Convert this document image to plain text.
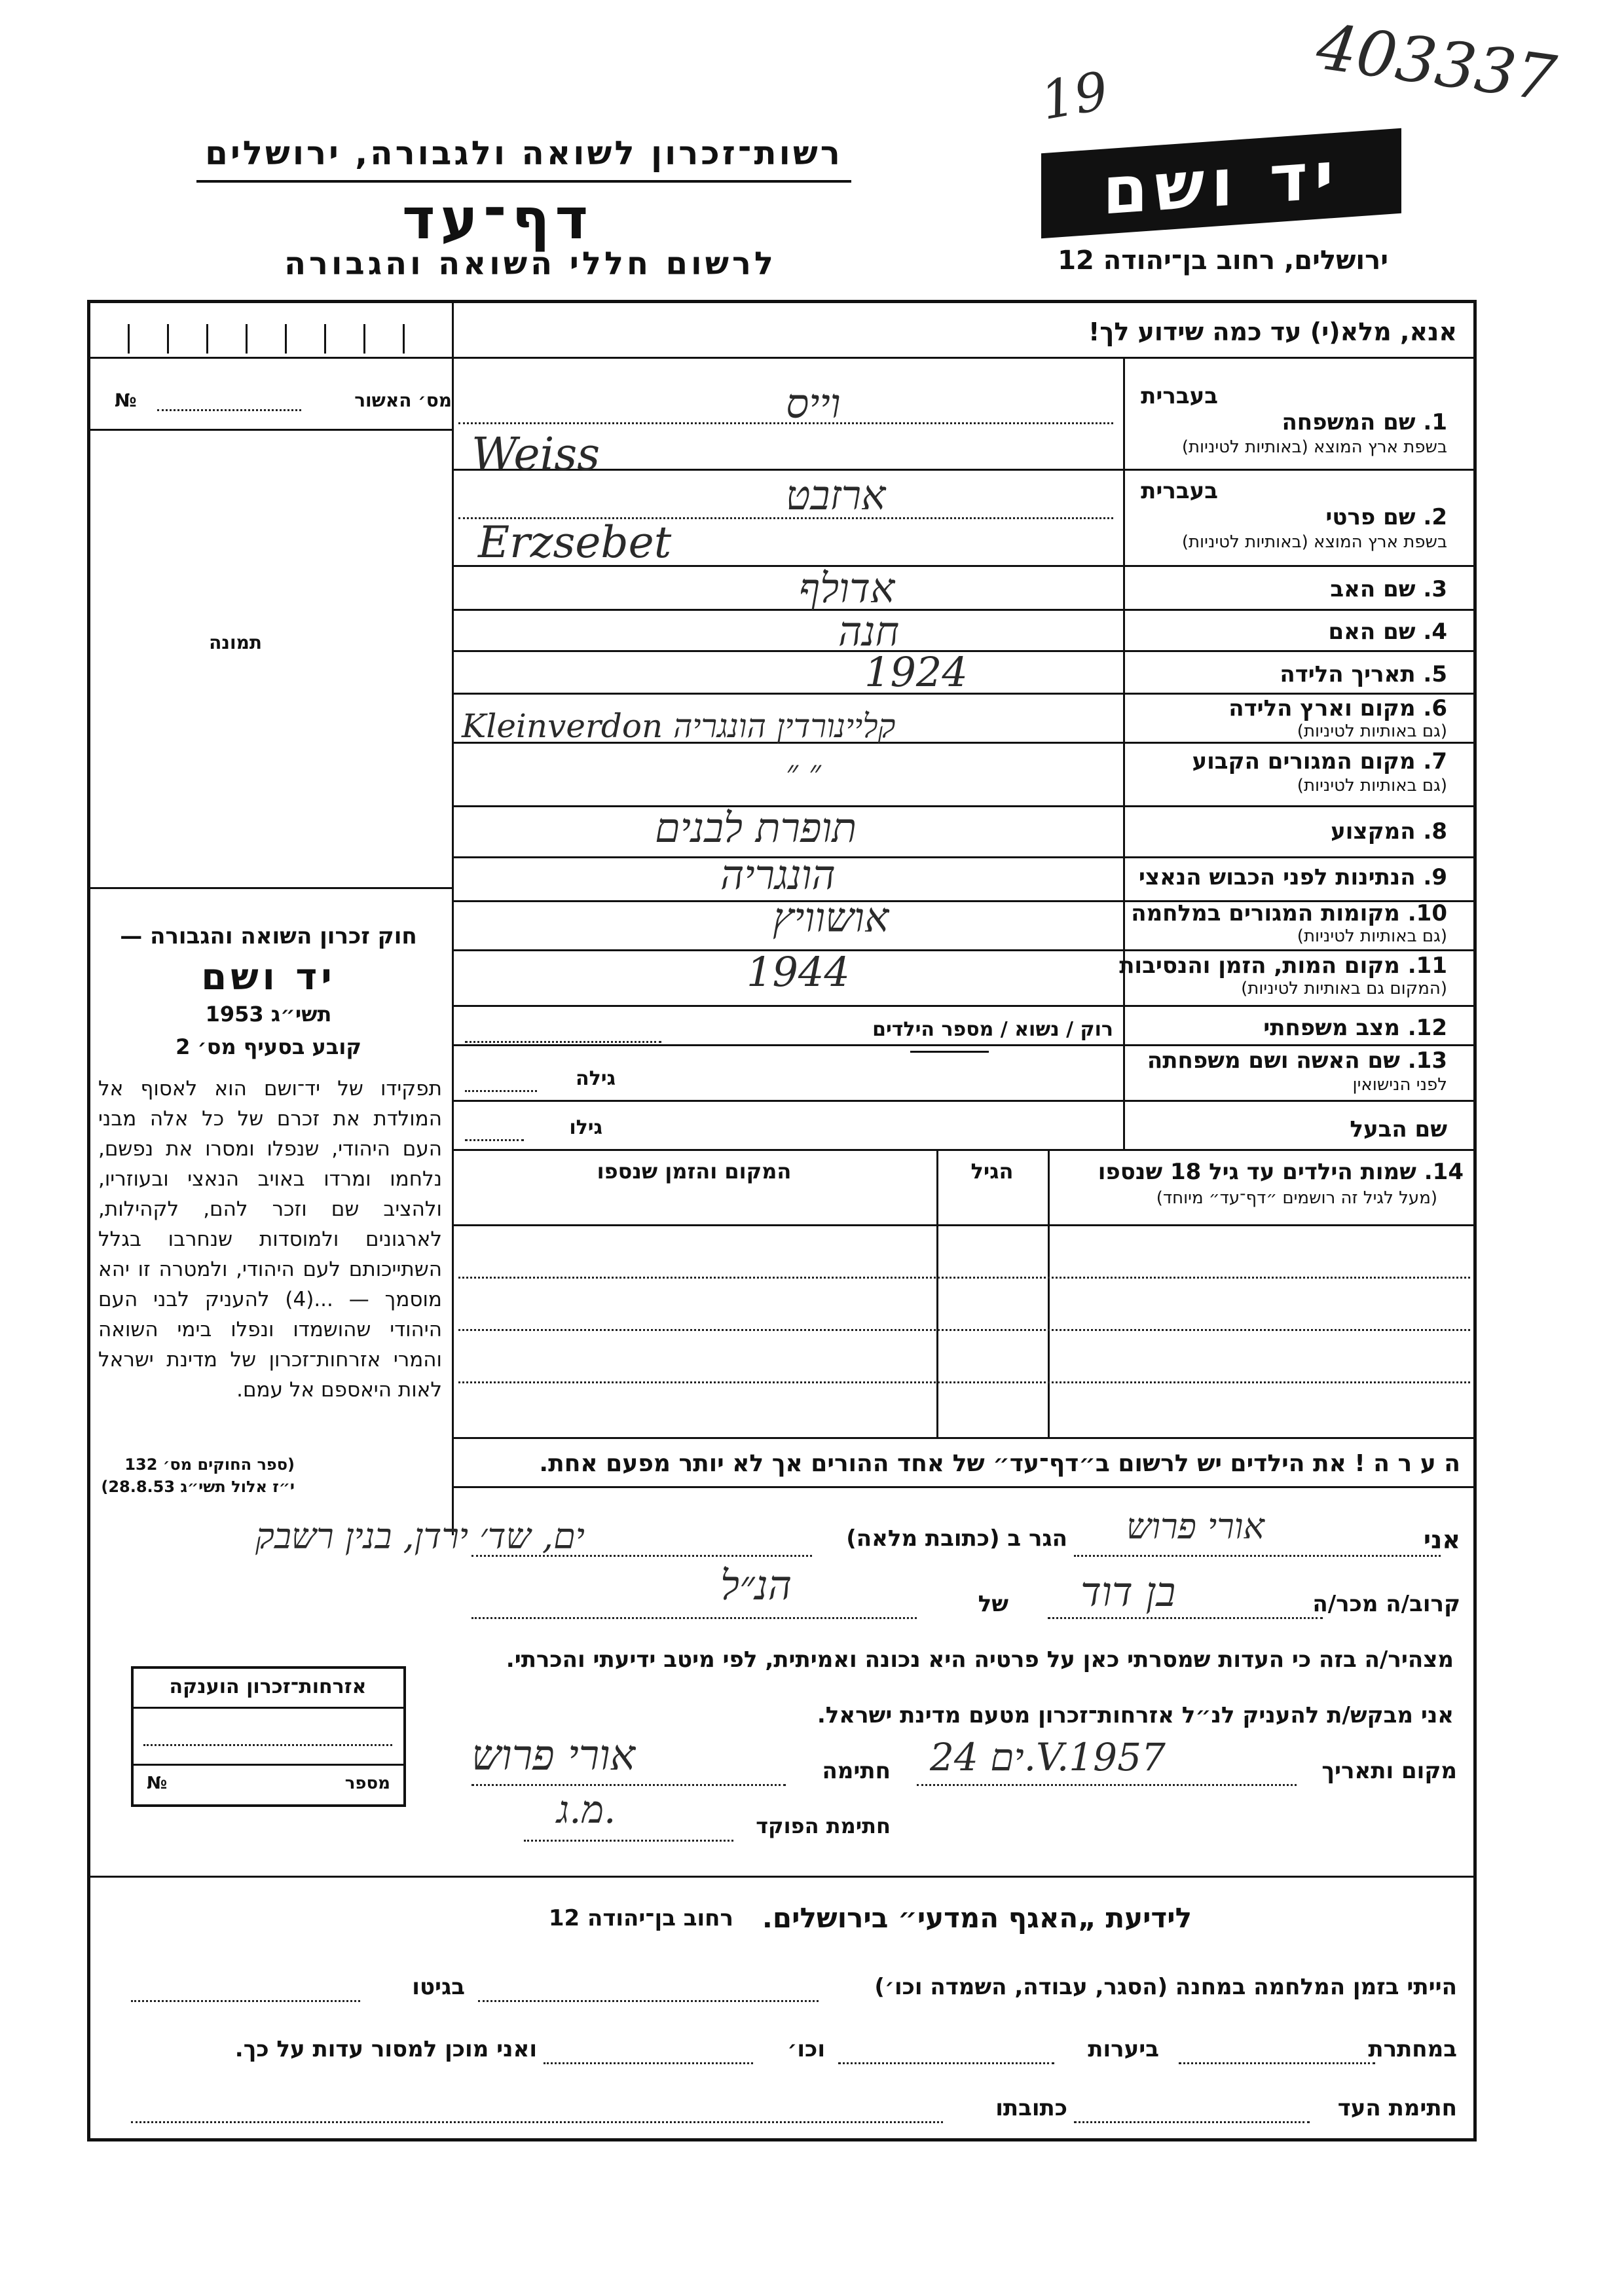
403337
19
רשות־זכרון לשואה ולגבורה, ירושלים
דף־עד
לרשום חללי השואה והגבורה
יד ושם
ירושלים, רחוב בן־יהודה 12
אנא, מלא(י) עד כמה שידוע לך!
מס׳ האשור
№
תמונה
חוק זכרון השואה והגבורה —
יד ושם
תשי״ג 1953
קובע בסעיף מס׳ 2
תפקידו של יד־ושם הוא לאסוף אל המולדת את זכרם של כל אלה מבני העם היהודי, שנפלו ומסרו את נפשם, נלחמו ומרדו באויב הנאצי ובעוזריו, ולהציב שם וזכר להם, לקהילות, לארגונים ולמוסדות שנחרבו בגלל השתייכותם לעם היהודי, ולמטרה זו יהא מוסמך — ...(4) להעניק לבני העם היהודי שהושמדו ונפלו בימי השואה והמרי אזרחות־זכרון של מדינת ישראל לאות היאספם אל עמם.
(ספר החוקים מס׳ 132 י״ז אלול תשי״ג 28.8.53)
בעברית
1. שם המשפחה
בשפת ארץ המוצא (באותיות לטיניות)
בעברית
2. שם פרטי
בשפת ארץ המוצא (באותיות לטיניות)
3. שם האב
4. שם האם
5. תאריך הלידה
6. מקום וארץ הלידה
(גם באותיות לטיניות)
7. מקום המגורים הקבוע
(גם באותיות לטיניות)
8. המקצוע
9. הנתינות לפני הכבוש הנאצי
10. מקומות המגורים במלחמה
(גם באותיות לטיניות)
11. מקום המות, הזמן והנסיבות
(המקום גם באותיות לטיניות)
12. מצב משפחתי
13. שם האשה ושם משפחתה
לפני הנישואין
שם הבעל
וייס
Weiss
ארזבט
Erzsebet
אדולף
חנה
1924
Kleinverdon קליינורדין הונגריה
״ ״
תופרת לבנים
הונגריה
אושוויץ
1944
רוק / נשוא / מספר הילדים
גילה
גילו
14. שמות הילדים עד גיל 18 שנספו
(מעל לגיל זה רושמים ״דף־עד״ מיוחד)
הגיל
המקום והזמן שנספו
ה ע ר ה ! את הילדים יש לרשום ב״דף־עד״ של אחד ההורים אך לא יותר מפעם אחת.
אני
אורי פרוש
הגר ב (כתובת מלאה)
ים, שד׳ ירדן, בנין רשבק
קרוב/ה מכר/ה
בן דוד
של
הנ״ל
מצהיר/ה בזה כי העדות שמסרתי כאן על פרטיה היא נכונה ואמיתית, לפי מיטב ידיעתי והכרתי.
אני מבקש/ת להעניק לנ״ל אזרחות־זכרון מטעם מדינת ישראל.
מקום ותאריך
ים 24.V.1957
חתימה
אורי פרוש
חתימת הפוקד
מ.ג.
אזרחות־זכרון הוענקה
מספר
№
לידיעת „האגף המדעי״ בירושלים.
רחוב בן־יהודה 12
הייתי בזמן המלחמה במחנה (הסגר, עבודה, השמדה וכו׳)
בגיטו
במחתרת
ביערות
וכו׳
ואני מוכן למסור עדות על כך.
חתימת העד
כתובתו
